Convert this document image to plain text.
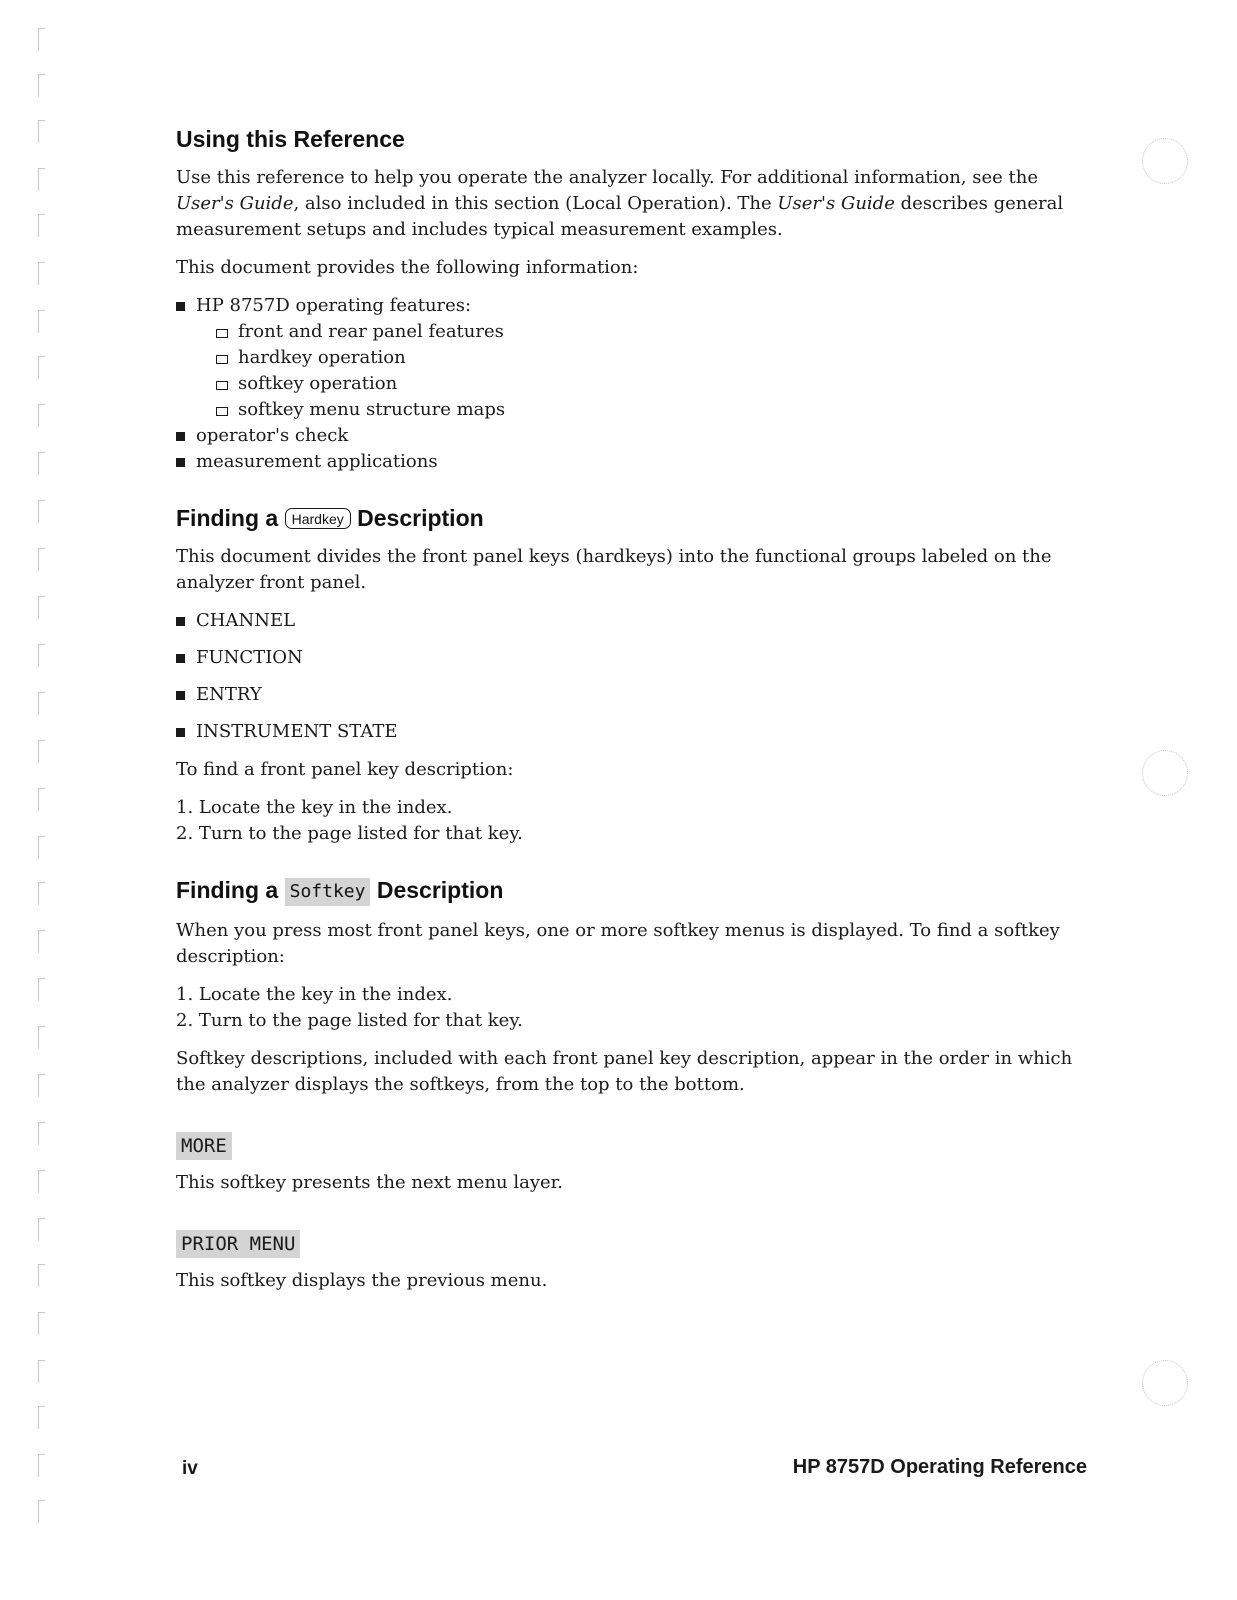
Using this Reference

Use this reference to help you operate the analyzer locally. For additional information, see the User's Guide, also included in this section (Local Operation). The User's Guide describes general measurement setups and includes typical measurement examples.

This document provides the following information:

HP 8757D operating features:
front and rear panel features
hardkey operation
softkey operation
softkey menu structure maps
operator's check
measurement applications
Finding a Hardkey Description

This document divides the front panel keys (hardkeys) into the functional groups labeled on the analyzer front panel.

CHANNEL
FUNCTION
ENTRY
INSTRUMENT STATE

To find a front panel key description:

1. Locate the key in the index.
2. Turn to the page listed for that key.
Finding a Softkey Description

When you press most front panel keys, one or more softkey menus is displayed. To find a softkey description:

1. Locate the key in the index.
2. Turn to the page listed for that key.

Softkey descriptions, included with each front panel key description, appear in the order in which the analyzer displays the softkeys, from the top to the bottom.

MORE

This softkey presents the next menu layer.

PRIOR MENU

This softkey displays the previous menu.

iv	HP 8757D Operating Reference
